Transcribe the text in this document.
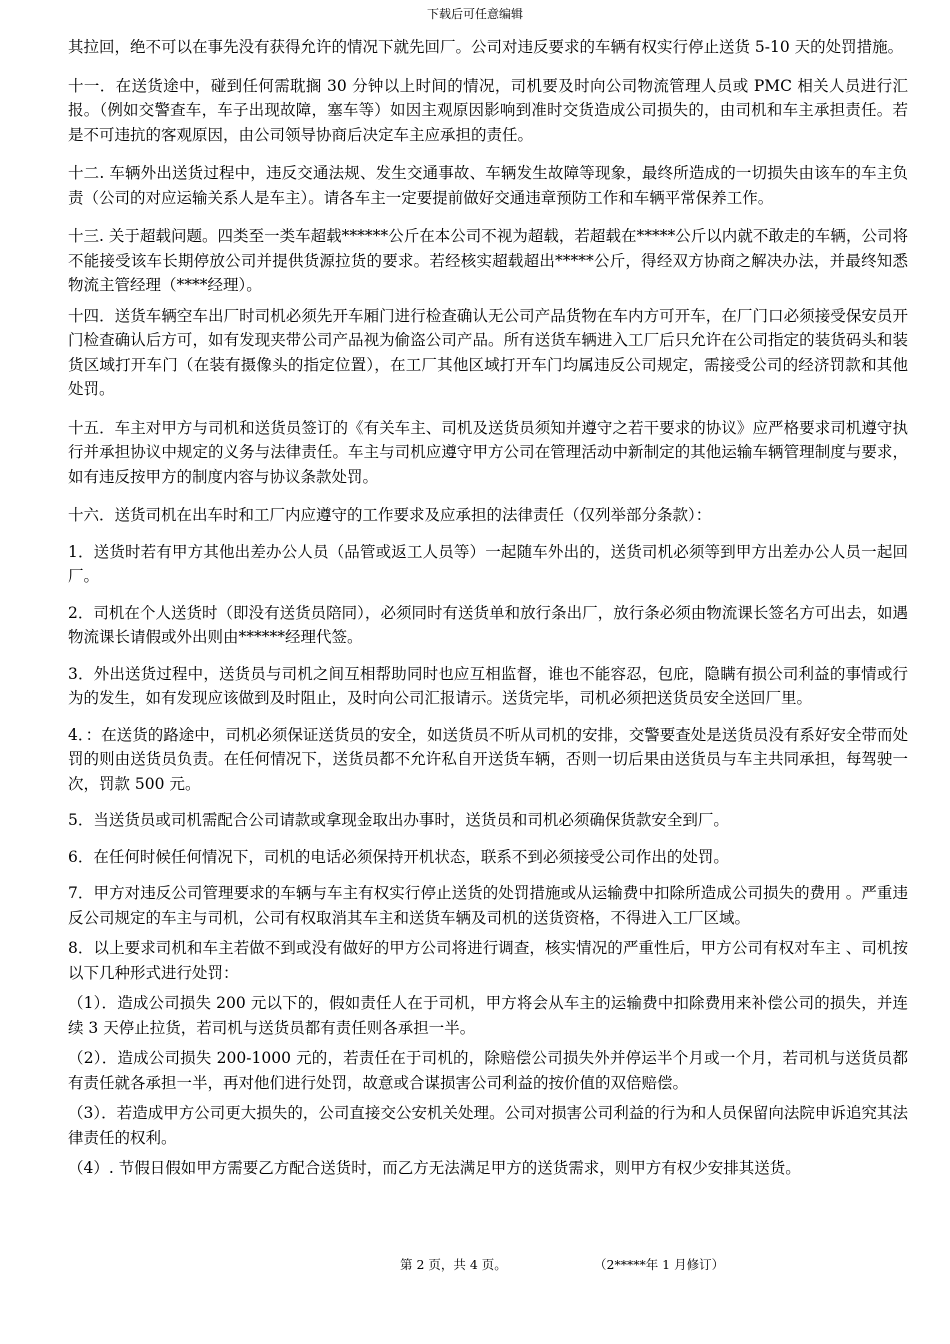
下载后可任意编辑

其拉回，绝不可以在事先没有获得允许的情况下就先回厂。公司对违反要求的车辆有权实行停止送货 5-10 天的处罚措施。

十一．在送货途中，碰到任何需耽搁 30 分钟以上时间的情况，司机要及时向公司物流管理人员或 PMC 相关人员进行汇报。（例如交警查车，车子出现故障，塞车等）如因主观原因影响到准时交货造成公司损失的，由司机和车主承担责任。若是不可违抗的客观原因，由公司领导协商后决定车主应承担的责任。

十二. 车辆外出送货过程中，违反交通法规、发生交通事故、车辆发生故障等现象，最终所造成的一切损失由该车的车主负责（公司的对应运输关系人是车主）。请各车主一定要提前做好交通违章预防工作和车辆平常保养工作。

十三. 关于超载问题。四类至一类车超载******公斤在本公司不视为超载，若超载在*****公斤以内就不敢走的车辆，公司将不能接受该车长期停放公司并提供货源拉货的要求。若经核实超载超出*****公斤，得经双方协商之解决办法，并最终知悉物流主管经理（****经理）。

十四．送货车辆空车出厂时司机必须先开车厢门进行检查确认无公司产品货物在车内方可开车，在厂门口必须接受保安员开门检查确认后方可，如有发现夹带公司产品视为偷盗公司产品。所有送货车辆进入工厂后只允许在公司指定的装货码头和装货区域打开车门（在装有摄像头的指定位置），在工厂其他区域打开车门均属违反公司规定，需接受公司的经济罚款和其他处罚。

十五．车主对甲方与司机和送货员签订的《有关车主、司机及送货员须知并遵守之若干要求的协议》应严格要求司机遵守执行并承担协议中规定的义务与法律责任。车主与司机应遵守甲方公司在管理活动中新制定的其他运输车辆管理制度与要求，如有违反按甲方的制度内容与协议条款处罚。

十六．送货司机在出车时和工厂内应遵守的工作要求及应承担的法律责任（仅列举部分条款）：

1．送货时若有甲方其他出差办公人员（品管或返工人员等）一起随车外出的，送货司机必须等到甲方出差办公人员一起回厂。

2．司机在个人送货时（即没有送货员陪同），必须同时有送货单和放行条出厂，放行条必须由物流课长签名方可出去，如遇物流课长请假或外出则由******经理代签。

3．外出送货过程中，送货员与司机之间互相帮助同时也应互相监督，谁也不能容忍，包庇，隐瞒有损公司利益的事情或行为的发生，如有发现应该做到及时阻止，及时向公司汇报请示。送货完毕，司机必须把送货员安全送回厂里。

4．：在送货的路途中，司机必须保证送货员的安全，如送货员不听从司机的安排，交警要查处是送货员没有系好安全带而处罚的则由送货员负责。在任何情况下，送货员都不允许私自开送货车辆，否则一切后果由送货员与车主共同承担，每驾驶一次，罚款 500 元。

5．当送货员或司机需配合公司请款或拿现金取出办事时，送货员和司机必须确保货款安全到厂。

6．在任何时候任何情况下，司机的电话必须保持开机状态，联系不到必须接受公司作出的处罚。

7．甲方对违反公司管理要求的车辆与车主有权实行停止送货的处罚措施或从运输费中扣除所造成公司损失的费用 。严重违反公司规定的车主与司机，公司有权取消其车主和送货车辆及司机的送货资格，不得进入工厂区域。

8．以上要求司机和车主若做不到或没有做好的甲方公司将进行调查，核实情况的严重性后，甲方公司有权对车主 、司机按以下几种形式进行处罚：

（1）．造成公司损失 200 元以下的，假如责任人在于司机，甲方将会从车主的运输费中扣除费用来补偿公司的损失，并连续 3 天停止拉货，若司机与送货员都有责任则各承担一半。

（2）．造成公司损失 200-1000 元的，若责任在于司机的，除赔偿公司损失外并停运半个月或一个月，若司机与送货员都有责任就各承担一半，再对他们进行处罚，故意或合谋损害公司利益的按价值的双倍赔偿。

（3）．若造成甲方公司更大损失的，公司直接交公安机关处理。公司对损害公司利益的行为和人员保留向法院申诉追究其法律责任的权利。

（4）. 节假日假如甲方需要乙方配合送货时，而乙方无法满足甲方的送货需求，则甲方有权少安排其送货。

第 2 页，共 4 页。	（2*****年 1 月修订）
